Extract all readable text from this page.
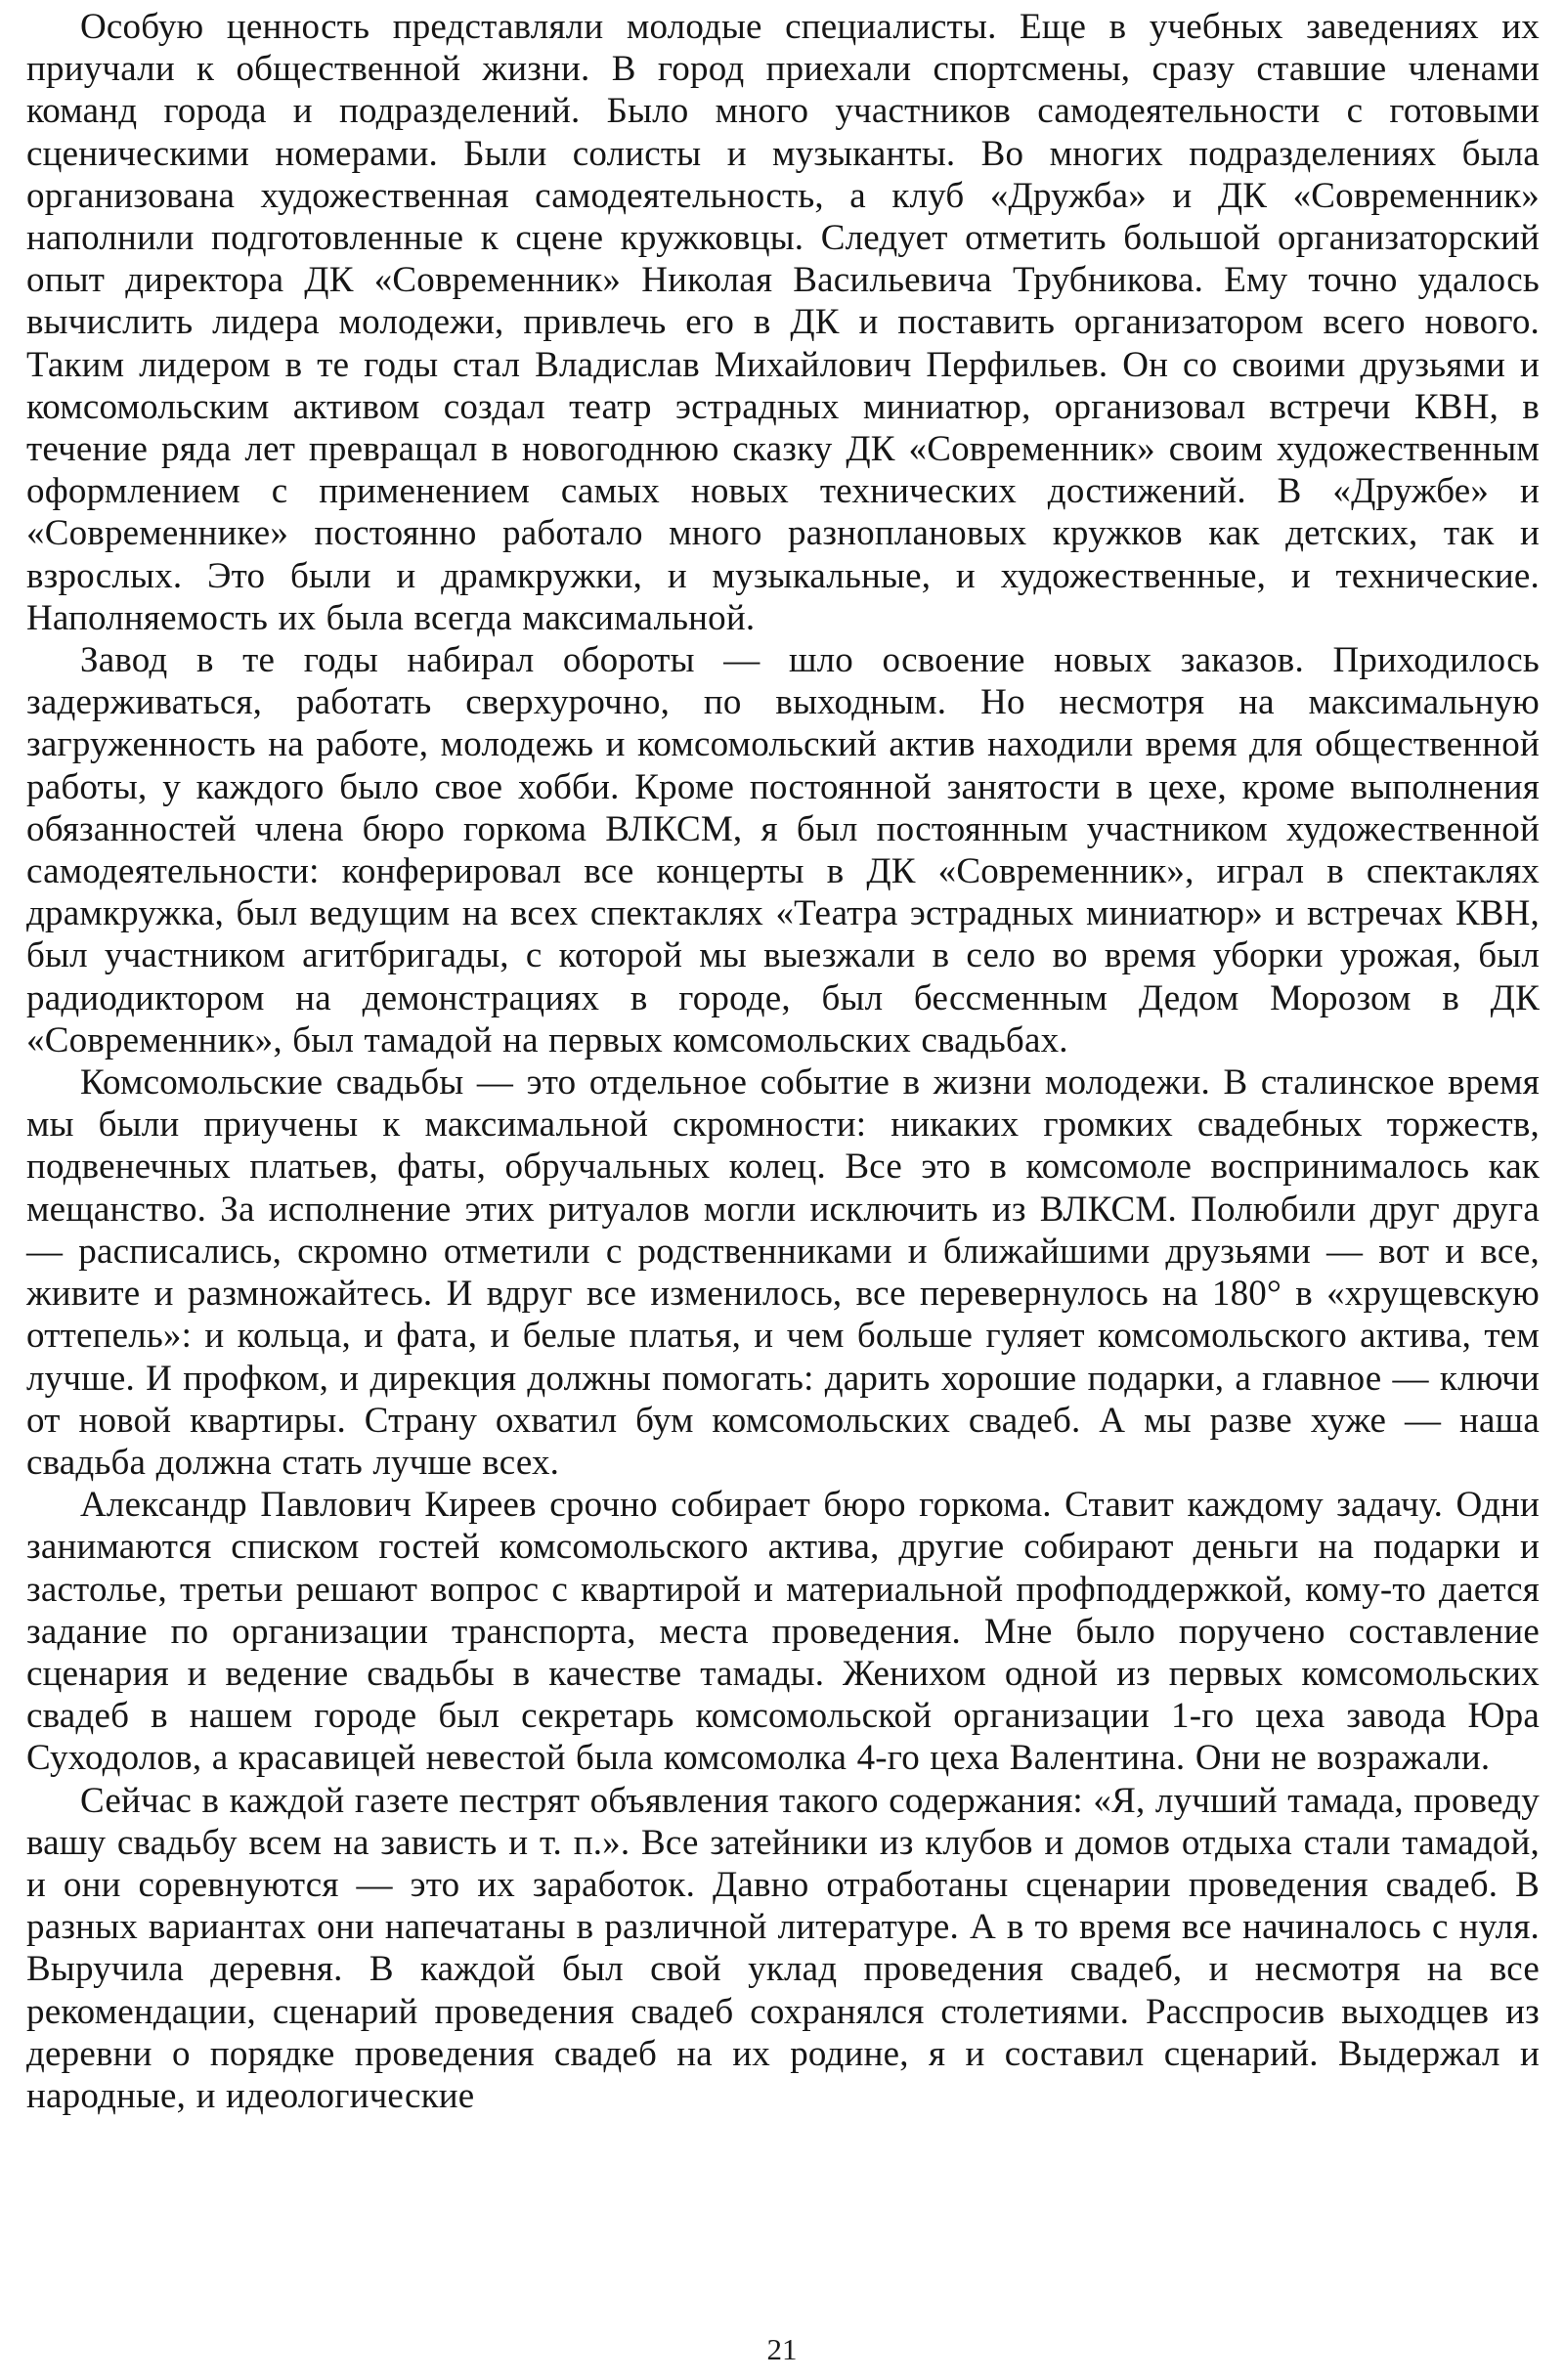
Особую ценность представляли молодые специалисты. Еще в учебных заведениях их приучали к общественной жизни. В город приехали спортсмены, сразу ставшие членами команд города и подразделений. Было много участников самодеятельности с готовыми сценическими номерами. Были солисты и музыканты. Во многих подразделениях была организована художественная самодеятельность, а клуб «Дружба» и ДК «Современник» наполнили подготовленные к сцене кружковцы. Следует отметить большой организаторский опыт директора ДК «Современник» Николая Васильевича Трубникова. Ему точно удалось вычислить лидера молодежи, привлечь его в ДК и поставить организатором всего нового. Таким лидером в те годы стал Владислав Михайлович Перфильев. Он со своими друзьями и комсомольским активом создал театр эстрадных миниатюр, организовал встречи КВН, в течение ряда лет превращал в новогоднюю сказку ДК «Современник» своим художественным оформлением с применением самых новых технических достижений. В «Дружбе» и «Современнике» постоянно работало много разноплановых кружков как детских, так и взрослых. Это были и драмкружки, и музыкальные, и художественные, и технические. Наполняемость их была всегда максимальной.

Завод в те годы набирал обороты — шло освоение новых заказов. Приходилось задерживаться, работать сверхурочно, по выходным. Но несмотря на максимальную загруженность на работе, молодежь и комсомольский актив находили время для общественной работы, у каждого было свое хобби. Кроме постоянной занятости в цехе, кроме выполнения обязанностей члена бюро горкома ВЛКСМ, я был постоянным участником художественной самодеятельности: конферировал все концерты в ДК «Современник», играл в спектаклях драмкружка, был ведущим на всех спектаклях «Театра эстрадных миниатюр» и встречах КВН, был участником агитбригады, с которой мы выезжали в село во время уборки урожая, был радиодиктором на демонстрациях в городе, был бессменным Дедом Морозом в ДК «Современник», был тамадой на первых комсомольских свадьбах.

Комсомольские свадьбы — это отдельное событие в жизни молодежи. В сталинское время мы были приучены к максимальной скромности: никаких громких свадебных торжеств, подвенечных платьев, фаты, обручальных колец. Все это в комсомоле воспринималось как мещанство. За исполнение этих ритуалов могли исключить из ВЛКСМ. Полюбили друг друга — расписались, скромно отметили с родственниками и ближайшими друзьями — вот и все, живите и размножайтесь. И вдруг все изменилось, все перевернулось на 180° в «хрущевскую оттепель»: и кольца, и фата, и белые платья, и чем больше гуляет комсомольского актива, тем лучше. И профком, и дирекция должны помогать: дарить хорошие подарки, а главное — ключи от новой квартиры. Страну охватил бум комсомольских свадеб. А мы разве хуже — наша свадьба должна стать лучше всех.

Александр Павлович Киреев срочно собирает бюро горкома. Ставит каждому задачу. Одни занимаются списком гостей комсомольского актива, другие собирают деньги на подарки и застолье, третьи решают вопрос с квартирой и материальной профподдержкой, кому-то дается задание по организации транспорта, места проведения. Мне было поручено составление сценария и ведение свадьбы в качестве тамады. Женихом одной из первых комсомольских свадеб в нашем городе был секретарь комсомольской организации 1-го цеха завода Юра Суходолов, а красавицей невестой была комсомолка 4-го цеха Валентина. Они не возражали.

Сейчас в каждой газете пестрят объявления такого содержания: «Я, лучший тамада, проведу вашу свадьбу всем на зависть и т. п.». Все затейники из клубов и домов отдыха стали тамадой, и они соревнуются — это их заработок. Давно отработаны сценарии проведения свадеб. В разных вариантах они напечатаны в различной литературе. А в то время все начиналось с нуля. Выручила деревня. В каждой был свой уклад проведения свадеб, и несмотря на все рекомендации, сценарий проведения свадеб сохранялся столетиями. Расспросив выходцев из деревни о порядке проведения свадеб на их родине, я и составил сценарий. Выдержал и народные, и идеологические

21
